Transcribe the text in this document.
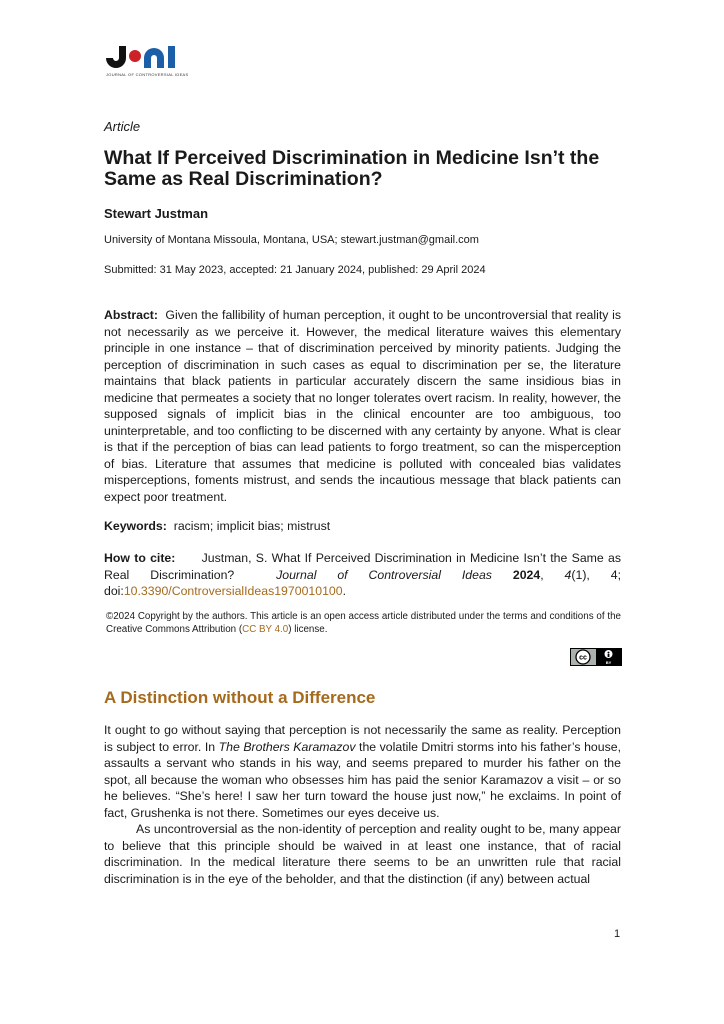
JOURNAL OF CONTROVERSIAL IDEAS
Article
What If Perceived Discrimination in Medicine Isn’t the Same as Real Discrimination?
Stewart Justman
University of Montana Missoula, Montana, USA; stewart.justman@gmail.com
Submitted: 31 May 2023, accepted: 21 January 2024, published: 29 April 2024
Abstract: Given the fallibility of human perception, it ought to be uncontroversial that reality is not necessarily as we perceive it. However, the medical literature waives this elementary principle in one instance – that of discrimination perceived by minority patients. Judging the perception of discrimination in such cases as equal to discrimination per se, the literature maintains that black patients in particular accurately discern the same insidious bias in medicine that permeates a society that no longer tolerates overt racism. In reality, however, the supposed signals of implicit bias in the clinical encounter are too ambiguous, too uninterpretable, and too conflicting to be discerned with any certainty by anyone. What is clear is that if the perception of bias can lead patients to forgo treatment, so can the misperception of bias. Literature that assumes that medicine is polluted with concealed bias validates misperceptions, foments mistrust, and sends the incautious message that black patients can expect poor treatment.
Keywords: racism; implicit bias; mistrust
How to cite: Justman, S. What If Perceived Discrimination in Medicine Isn’t the Same as Real Discrimination?	Journal of Controversial Ideas 2024, 4(1), 4; doi:10.3390/ControversialIdeas1970010100.
©2024 Copyright by the authors. This article is an open access article distributed under the terms and conditions of the Creative Commons Attribution (CC BY 4.0) license.
cc
BY
A Distinction without a Difference

It ought to go without saying that perception is not necessarily the same as reality. Perception is subject to error. In The Brothers Karamazov the volatile Dmitri storms into his father’s house, assaults a servant who stands in his way, and seems prepared to murder his father on the spot, all because the woman who obsesses him has paid the senior Karamazov a visit – or so he believes. “She’s here! I saw her turn toward the house just now,” he exclaims. In point of fact, Grushenka is not there. Sometimes our eyes deceive us.

As uncontroversial as the non-identity of perception and reality ought to be, many appear to believe that this principle should be waived in at least one instance, that of racial discrimination. In the medical literature there seems to be an unwritten rule that racial discrimination is in the eye of the beholder, and that the distinction (if any) between actual

1
